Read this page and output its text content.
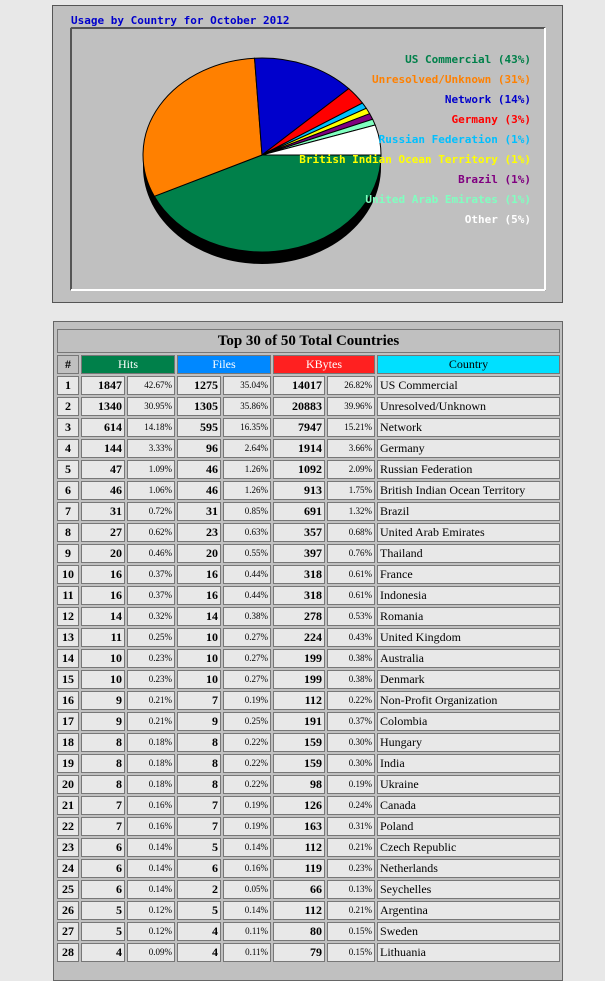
Usage by Country for October 2012
US Commercial (43%)
Unresolved/Unknown (31%)
Network (14%)
Germany (3%)
Russian Federation (1%)
British Indian Ocean Territory (1%)
Brazil (1%)
United Arab Emirates (1%)
Other (5%)
Top 30 of 50 Total Countries							
#	Hits		Files		KBytes		Country
1	1847	42.67%	1275	35.04%	14017	26.82%	US Commercial
2	1340	30.95%	1305	35.86%	20883	39.96%	Unresolved/Unknown
3	614	14.18%	595	16.35%	7947	15.21%	Network
4	144	3.33%	96	2.64%	1914	3.66%	Germany
5	47	1.09%	46	1.26%	1092	2.09%	Russian Federation
6	46	1.06%	46	1.26%	913	1.75%	British Indian Ocean Territory
7	31	0.72%	31	0.85%	691	1.32%	Brazil
8	27	0.62%	23	0.63%	357	0.68%	United Arab Emirates
9	20	0.46%	20	0.55%	397	0.76%	Thailand
10	16	0.37%	16	0.44%	318	0.61%	France
11	16	0.37%	16	0.44%	318	0.61%	Indonesia
12	14	0.32%	14	0.38%	278	0.53%	Romania
13	11	0.25%	10	0.27%	224	0.43%	United Kingdom
14	10	0.23%	10	0.27%	199	0.38%	Australia
15	10	0.23%	10	0.27%	199	0.38%	Denmark
16	9	0.21%	7	0.19%	112	0.22%	Non-Profit Organization
17	9	0.21%	9	0.25%	191	0.37%	Colombia
18	8	0.18%	8	0.22%	159	0.30%	Hungary
19	8	0.18%	8	0.22%	159	0.30%	India
20	8	0.18%	8	0.22%	98	0.19%	Ukraine
21	7	0.16%	7	0.19%	126	0.24%	Canada
22	7	0.16%	7	0.19%	163	0.31%	Poland
23	6	0.14%	5	0.14%	112	0.21%	Czech Republic
24	6	0.14%	6	0.16%	119	0.23%	Netherlands
25	6	0.14%	2	0.05%	66	0.13%	Seychelles
26	5	0.12%	5	0.14%	112	0.21%	Argentina
27	5	0.12%	4	0.11%	80	0.15%	Sweden
28	4	0.09%	4	0.11%	79	0.15%	Lithuania
